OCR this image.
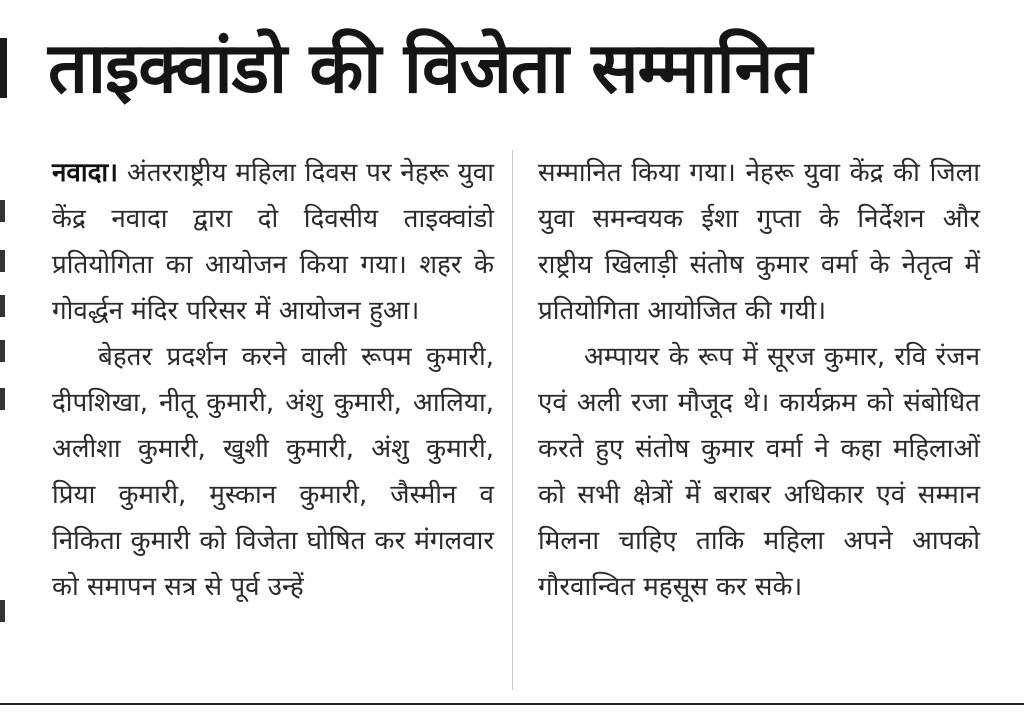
ताइक्वांडो की विजेता सम्मानित

नवादा। अंतरराष्ट्रीय महिला दिवस पर नेहरू युवा केंद्र नवादा द्वारा दो दिवसीय ताइक्वांडो प्रतियोगिता का आयोजन किया गया। शहर के गोवर्द्धन मंदिर परिसर में आयोजन हुआ।

बेहतर प्रदर्शन करने वाली रूपम कुमारी, दीपशिखा, नीतू कुमारी, अंशु कुमारी, आलिया, अलीशा कुमारी, खुशी कुमारी, अंशु कुमारी, प्रिया कुमारी, मुस्कान कुमारी, जैस्मीन व निकिता कुमारी को विजेता घोषित कर मंगलवार को समापन सत्र से पूर्व उन्हें

सम्मानित किया गया। नेहरू युवा केंद्र की जिला युवा समन्वयक ईशा गुप्ता के निर्देशन और राष्ट्रीय खिलाड़ी संतोष कुमार वर्मा के नेतृत्व में प्रतियोगिता आयोजित की गयी।

अम्पायर के रूप में सूरज कुमार, रवि रंजन एवं अली रजा मौजूद थे। कार्यक्रम को संबोधित करते हुए संतोष कुमार वर्मा ने कहा महिलाओं को सभी क्षेत्रों में बराबर अधिकार एवं सम्मान मिलना चाहिए ताकि महिला अपने आपको गौरवान्वित महसूस कर सके।
